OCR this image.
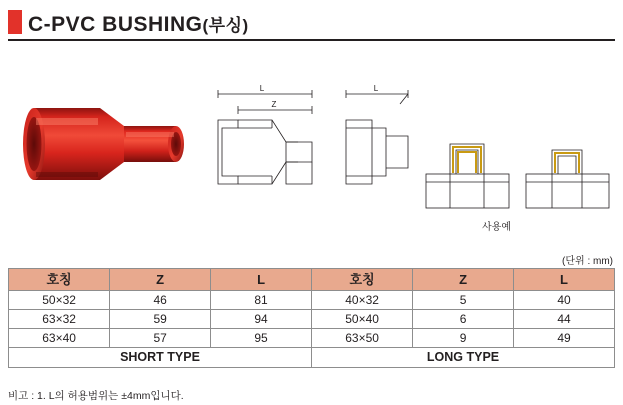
C-PVC BUSHING(부싱)
L
Z
L
사용예
(단위 : mm)
호칭	Z	L	호칭	Z	L
50×32	46	81	40×32	5	40
63×32	59	94	50×40	6	44
63×40	57	95	63×50	9	49
SHORT TYPE			LONG TYPE		
비고 : 1. L의 허용범위는 ±4mm입니다.
